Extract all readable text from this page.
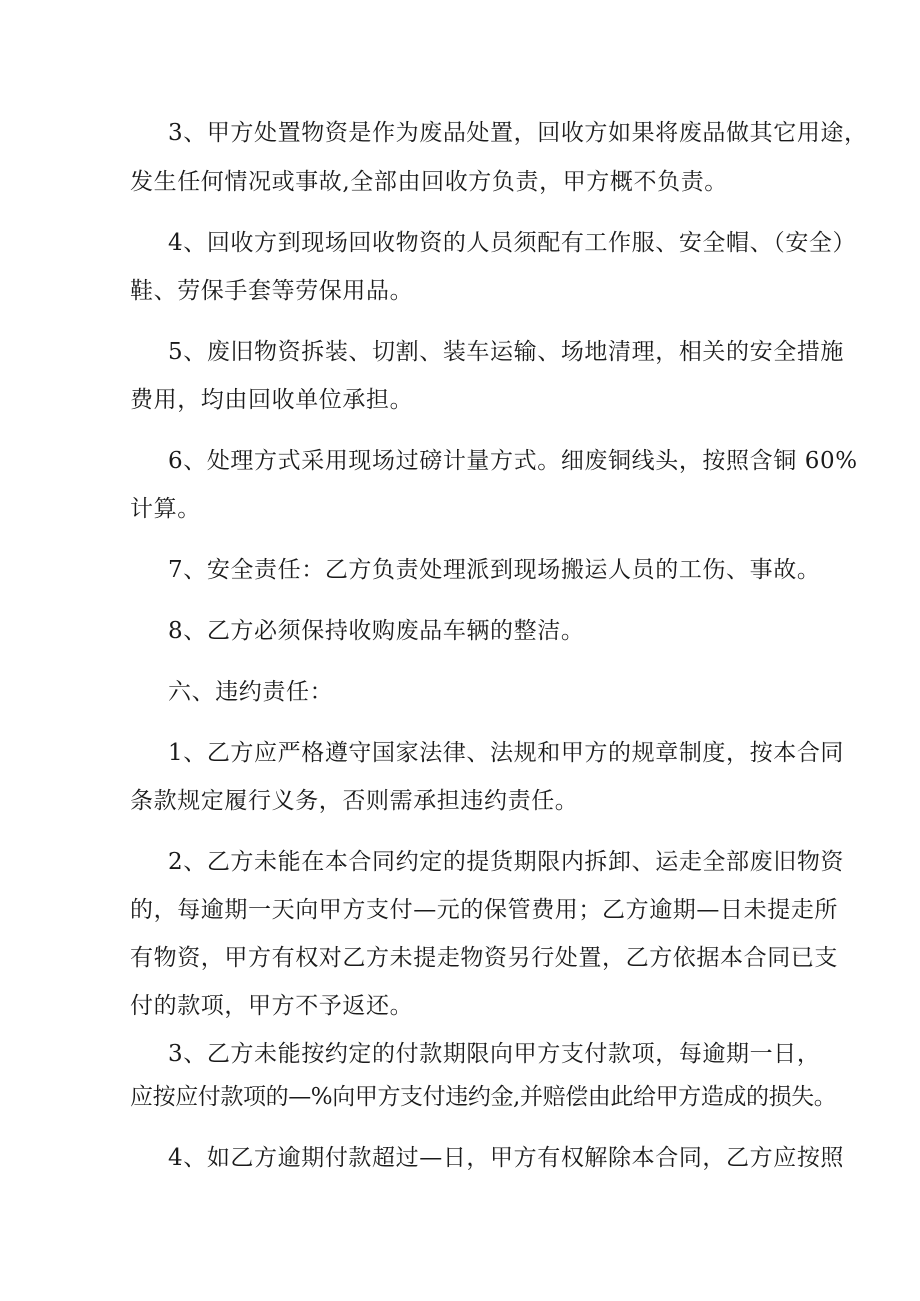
3、甲方处置物资是作为废品处置，回收方如果将废品做其它用途，
发生任何情况或事故,全部由回收方负责，甲方概不负责。
4、回收方到现场回收物资的人员须配有工作服、安全帽、（安全）
鞋、劳保手套等劳保用品。
5、废旧物资拆装、切割、装车运输、场地清理，相关的安全措施
费用，均由回收单位承担。
6、处理方式采用现场过磅计量方式。细废铜线头，按照含铜 60%
计算。
7、安全责任：乙方负责处理派到现场搬运人员的工伤、事故。
8、乙方必须保持收购废品车辆的整洁。
六、违约责任：
1、乙方应严格遵守国家法律、法规和甲方的规章制度，按本合同
条款规定履行义务，否则需承担违约责任。
2、乙方未能在本合同约定的提货期限内拆卸、运走全部废旧物资
的，每逾期一天向甲方支付—元的保管费用；乙方逾期—日未提走所
有物资，甲方有权对乙方未提走物资另行处置，乙方依据本合同已支
付的款项，甲方不予返还。
3、乙方未能按约定的付款期限向甲方支付款项，每逾期一日，
应按应付款项的—%向甲方支付违约金,并赔偿由此给甲方造成的损失。
4、如乙方逾期付款超过—日，甲方有权解除本合同，乙方应按照
